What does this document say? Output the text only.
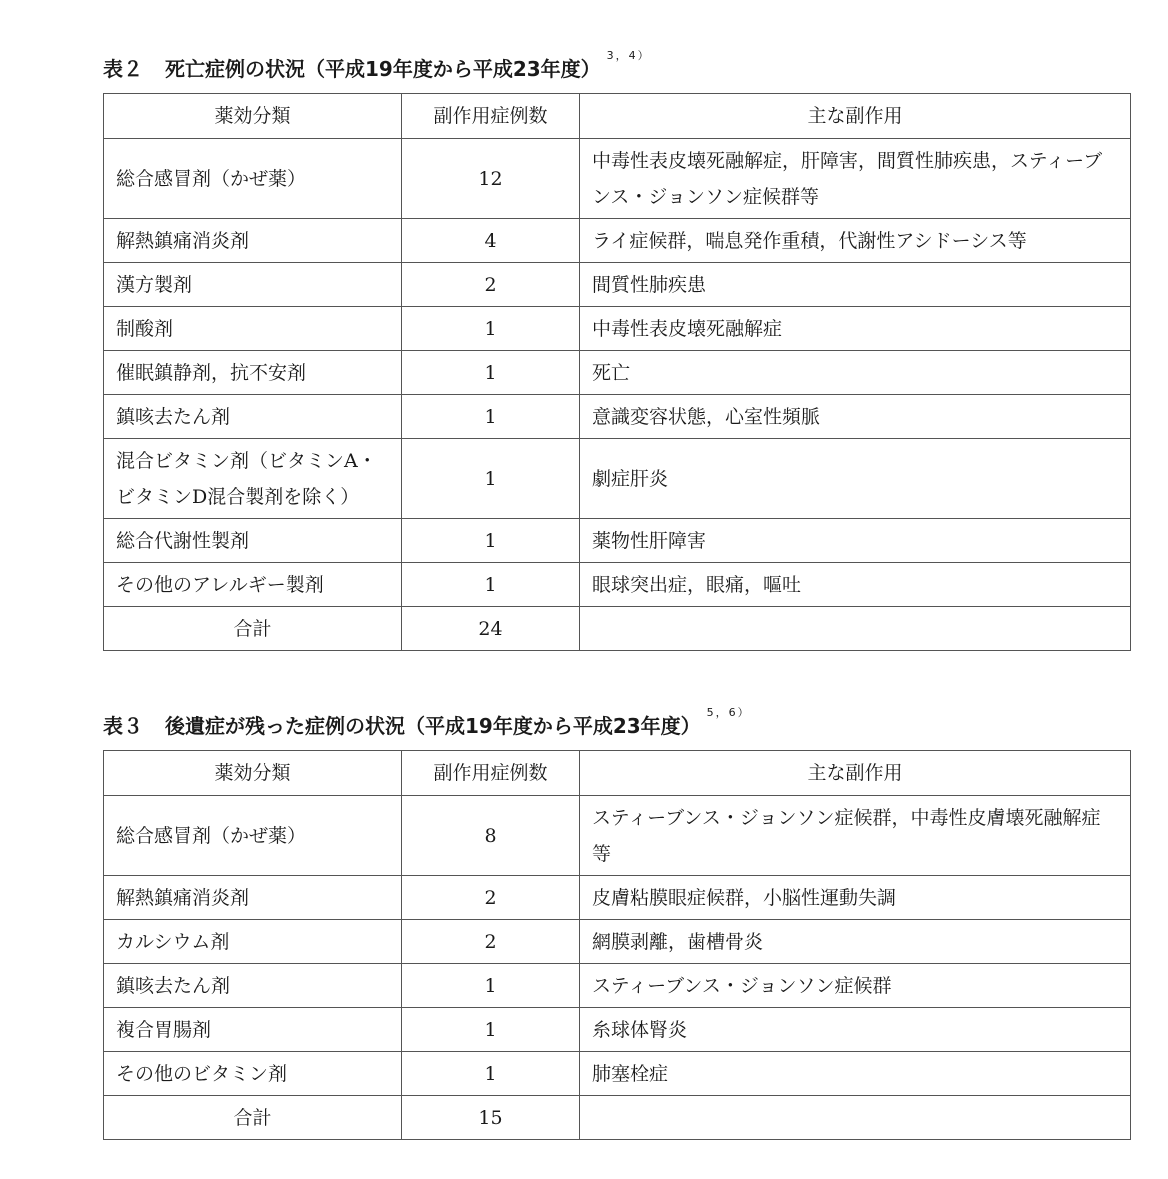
表２ 死亡症例の状況（平成19年度から平成23年度）$^{3,4)}$
薬効分類	副作用症例数	主な副作用
総合感冒剤（かぜ薬）	12	中毒性表皮壊死融解症，肝障害，間質性肺疾患，スティーブンス・ジョンソン症候群等
解熱鎮痛消炎剤	4	ライ症候群，喘息発作重積，代謝性アシドーシス等
漢方製剤	2	間質性肺疾患
制酸剤	1	中毒性表皮壊死融解症
催眠鎮静剤，抗不安剤	1	死亡
鎮咳去たん剤	1	意識変容状態，心室性頻脈
混合ビタミン剤（ビタミンA・ビタミンD混合製剤を除く）	1	劇症肝炎
総合代謝性製剤	1	薬物性肝障害
その他のアレルギー製剤	1	眼球突出症，眼痛，嘔吐
合計	24	
表３ 後遺症が残った症例の状況（平成19年度から平成23年度）$^{5,6)}$
薬効分類	副作用症例数	主な副作用
総合感冒剤（かぜ薬）	8	スティーブンス・ジョンソン症候群，中毒性皮膚壊死融解症等
解熱鎮痛消炎剤	2	皮膚粘膜眼症候群，小脳性運動失調
カルシウム剤	2	網膜剥離，歯槽骨炎
鎮咳去たん剤	1	スティーブンス・ジョンソン症候群
複合胃腸剤	1	糸球体腎炎
その他のビタミン剤	1	肺塞栓症
合計	15	
